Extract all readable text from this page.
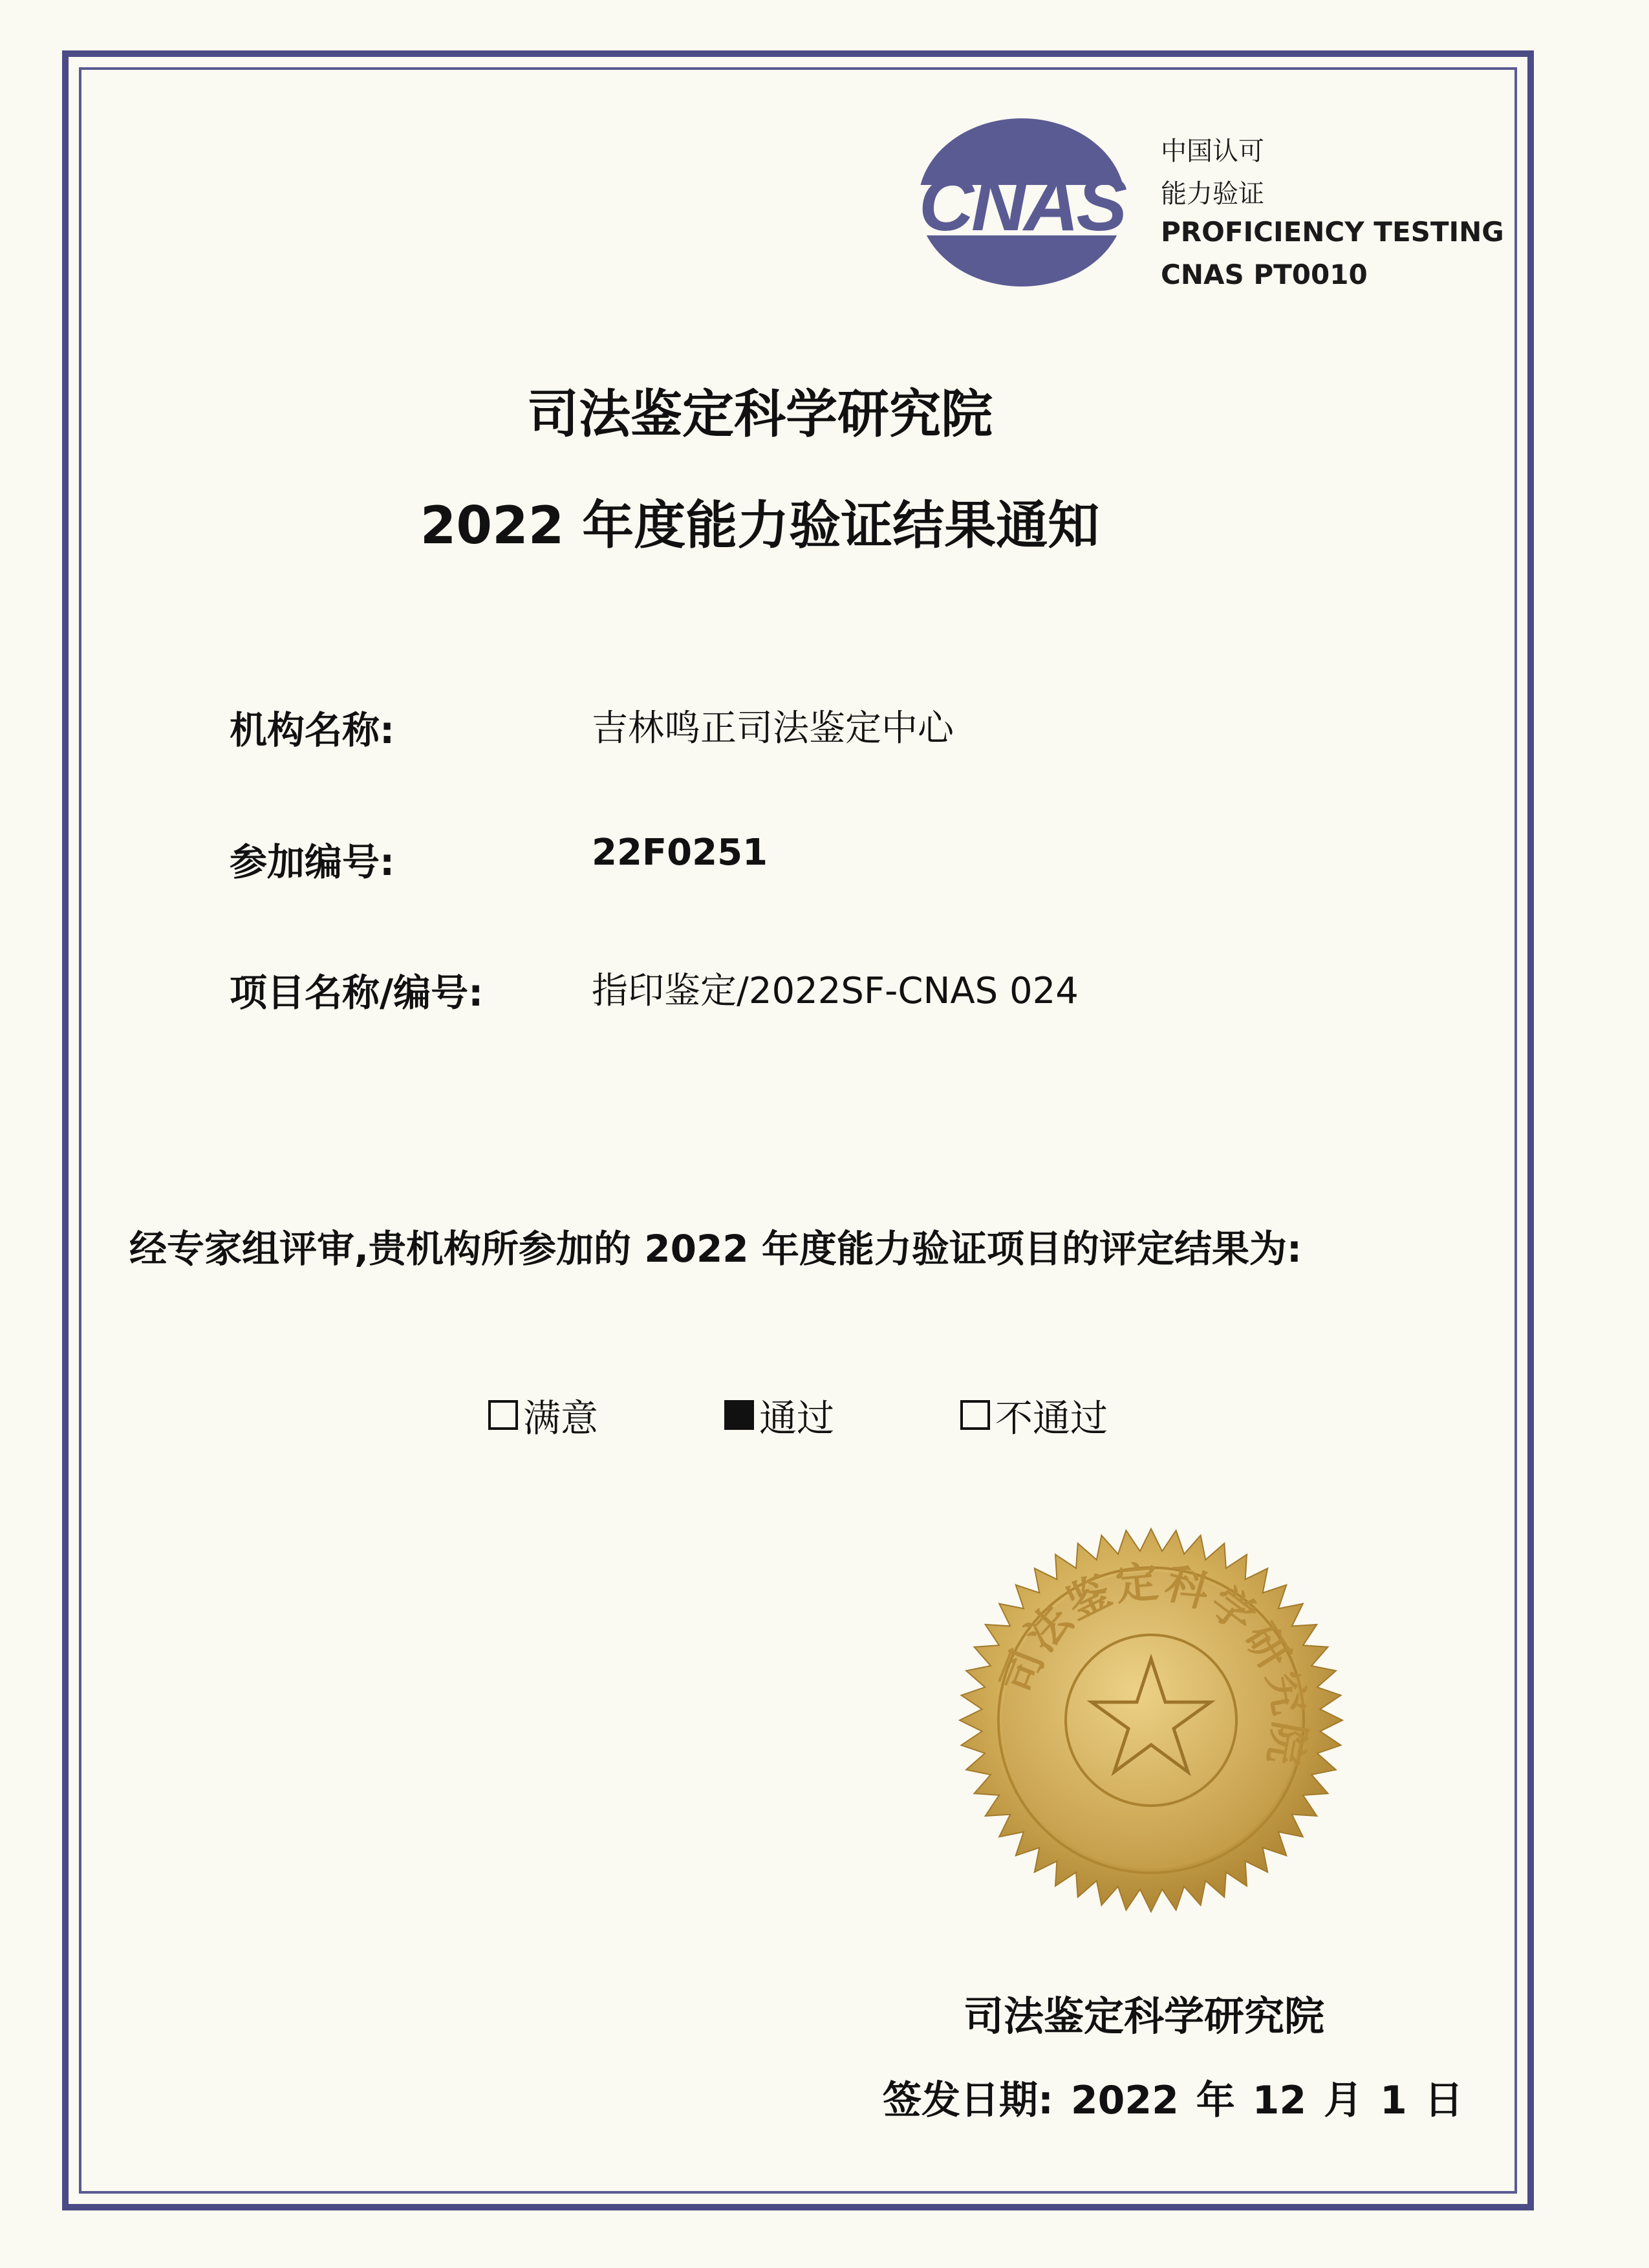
CNAS
中国认可
能力验证
PROFICIENCY TESTING
CNAS PT0010
司法鉴定科学研究院
2022 年度能力验证结果通知
机构名称:	吉林鸣正司法鉴定中心
参加编号:	22F0251
项目名称/编号:	指印鉴定/2022SF-CNAS 024
经专家组评审,贵机构所参加的 2022 年度能力验证项目的评定结果为:
满意	通过	不通过
司法鉴定科学研究院
司法鉴定科学研究院
签发日期: 2022 年 12 月 1 日
